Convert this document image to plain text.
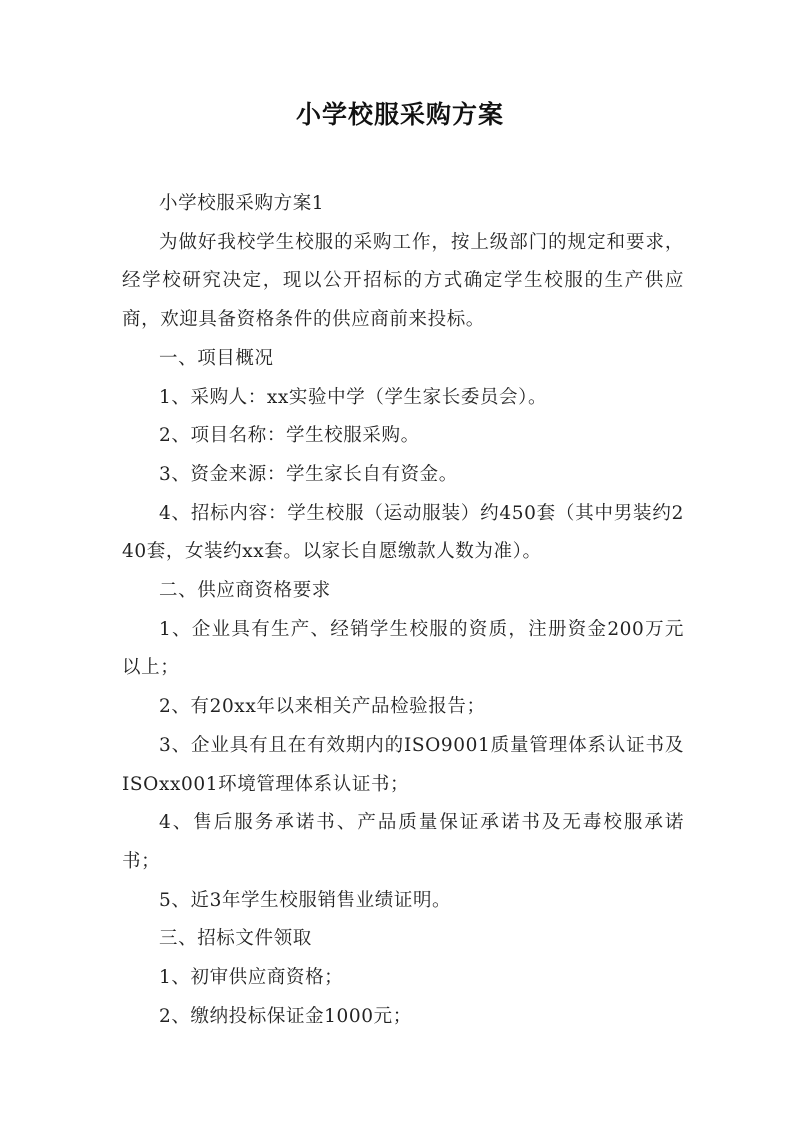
小学校服采购方案

小学校服采购方案1

为做好我校学生校服的采购工作，按上级部门的规定和要求，经学校研究决定，现以公开招标的方式确定学生校服的生产供应商，欢迎具备资格条件的供应商前来投标。

一、项目概况

1、采购人：xx实验中学（学生家长委员会）。

2、项目名称：学生校服采购。

3、资金来源：学生家长自有资金。

4、招标内容：学生校服（运动服装）约450套（其中男装约240套，女装约xx套。以家长自愿缴款人数为准）。

二、供应商资格要求

1、企业具有生产、经销学生校服的资质，注册资金200万元以上；

2、有20xx年以来相关产品检验报告；

3、企业具有且在有效期内的ISO9001质量管理体系认证书及ISOxx001环境管理体系认证书；

4、售后服务承诺书、产品质量保证承诺书及无毒校服承诺书；

5、近3年学生校服销售业绩证明。

三、招标文件领取

1、初审供应商资格；

2、缴纳投标保证金1000元；
